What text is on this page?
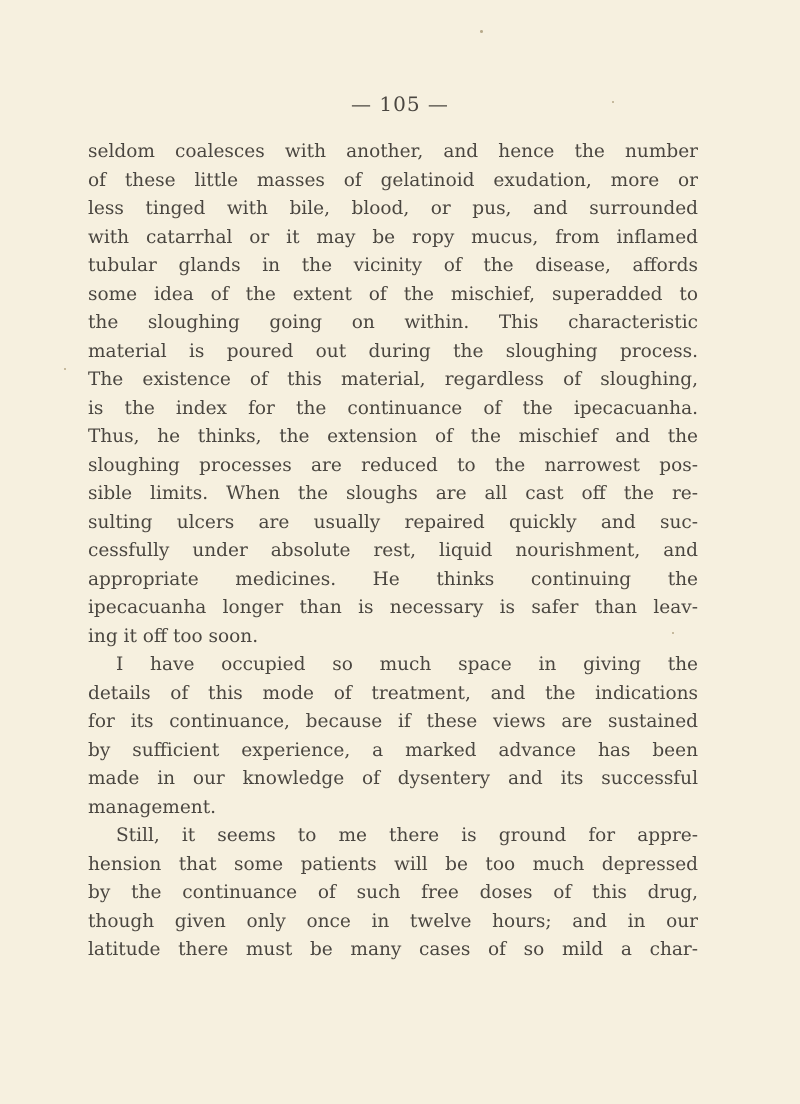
— 105 —
seldom coalesces with another, and hence the number
of these little masses of gelatinoid exudation, more or
less tinged with bile, blood, or pus, and surrounded
with catarrhal or it may be ropy mucus, from inflamed
tubular glands in the vicinity of the disease, affords
some idea of the extent of the mischief, superadded to
the sloughing going on within. This characteristic
material is poured out during the sloughing process.
The existence of this material, regardless of sloughing,
is the index for the continuance of the ipecacuanha.
Thus, he thinks, the extension of the mischief and the
sloughing processes are reduced to the narrowest pos-
sible limits. When the sloughs are all cast off the re-
sulting ulcers are usually repaired quickly and suc-
cessfully under absolute rest, liquid nourishment, and
appropriate medicines. He thinks continuing the
ipecacuanha longer than is necessary is safer than leav-
ing it off too soon.
I have occupied so much space in giving the
details of this mode of treatment, and the indications
for its continuance, because if these views are sustained
by sufficient experience, a marked advance has been
made in our knowledge of dysentery and its successful
management.
Still, it seems to me there is ground for appre-
hension that some patients will be too much depressed
by the continuance of such free doses of this drug,
though given only once in twelve hours; and in our
latitude there must be many cases of so mild a char-
